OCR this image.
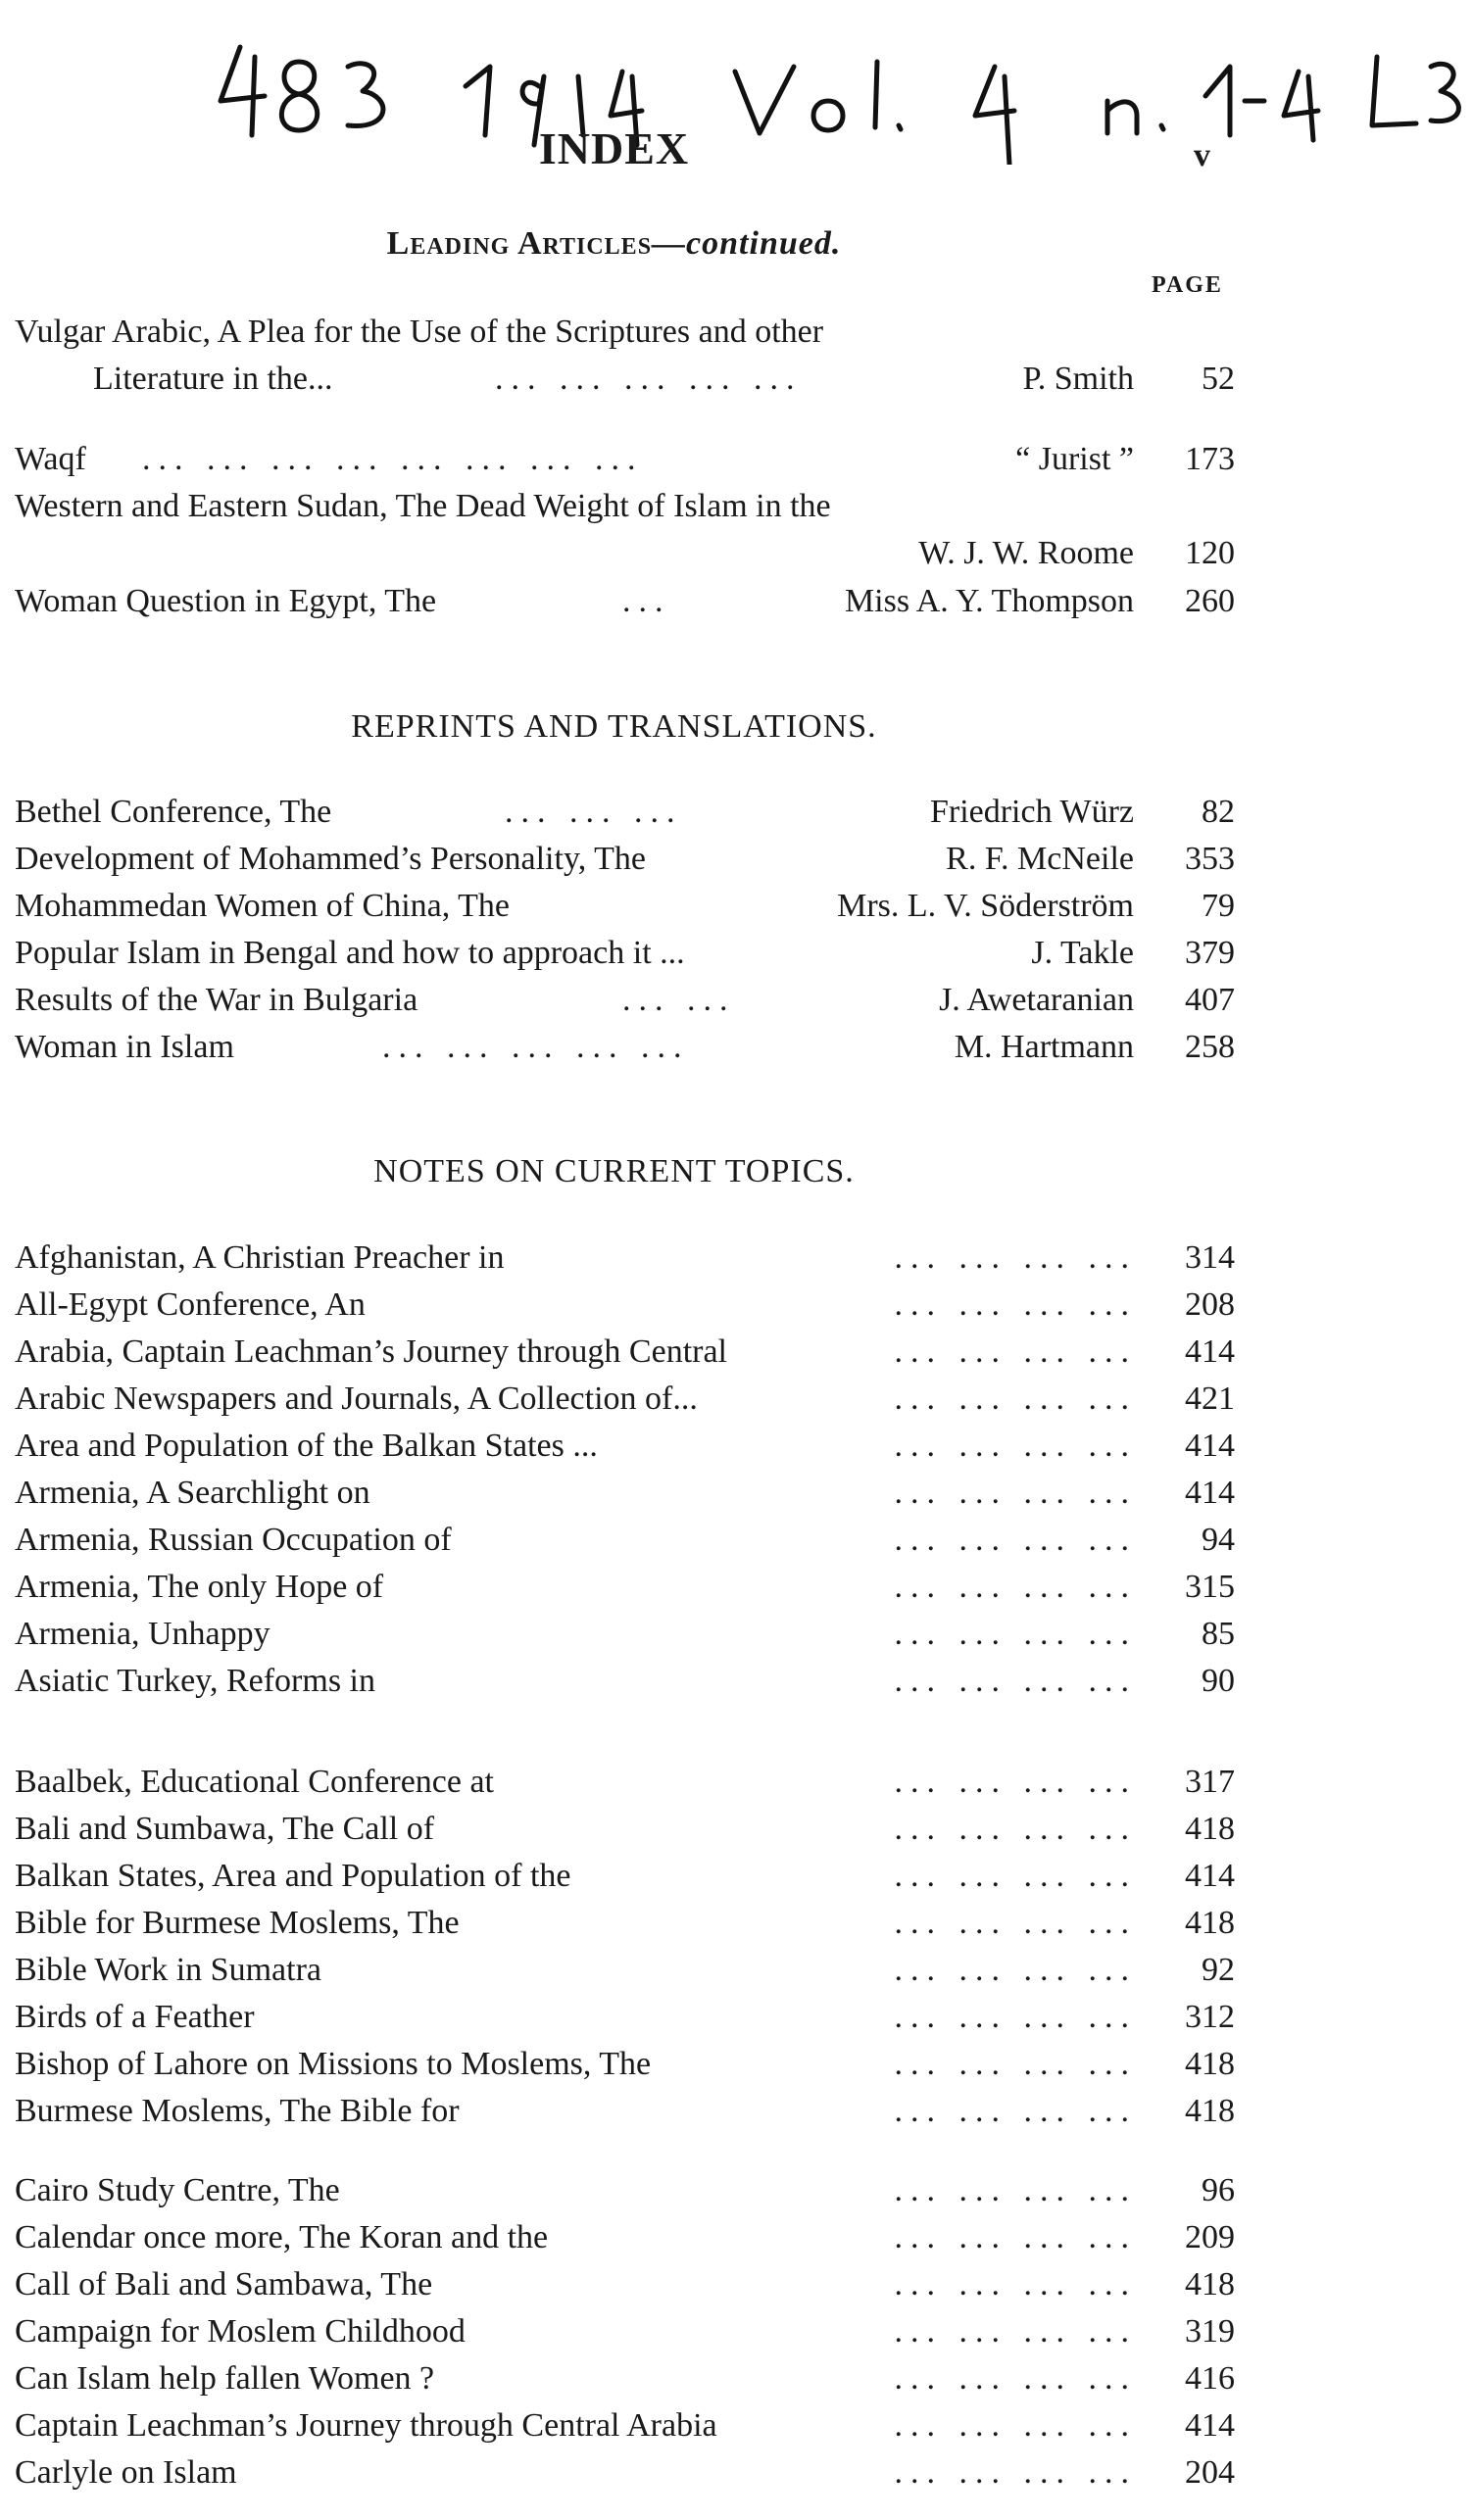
INDEX	v
Leading Articles—continued.
PAGE
Vulgar Arabic, A Plea for the Use of the Scriptures and other
Literature in the...	... ... ... ... ...	P. Smith	52
Waqf ... ... ... ... ... ... ... ...	“ Jurist ”	173
Western and Eastern Sudan, The Dead Weight of Islam in the
W. J. W. Roome	120
Woman Question in Egypt, The	...	Miss A. Y. Thompson	260
REPRINTS AND TRANSLATIONS.
Bethel Conference, The	... ... ...	Friedrich Würz	82
Development of Mohammed’s Personality, The	R. F. McNeile	353
Mohammedan Women of China, The	Mrs. L. V. Söderström	79
Popular Islam in Bengal and how to approach it ...	J. Takle	379
Results of the War in Bulgaria	... ...	J. Awetaranian	407
Woman in Islam	... ... ... ... ...	M. Hartmann	258
NOTES ON CURRENT TOPICS.
Afghanistan, A Christian Preacher in	... ... ... ...	314
All-Egypt Conference, An	... ... ... ...	208
Arabia, Captain Leachman’s Journey through Central	... ... ... ...	414
Arabic Newspapers and Journals, A Collection of...	... ... ... ...	421
Area and Population of the Balkan States ...	... ... ... ...	414
Armenia, A Searchlight on	... ... ... ...	414
Armenia, Russian Occupation of	... ... ... ...	94
Armenia, The only Hope of	... ... ... ...	315
Armenia, Unhappy	... ... ... ...	85
Asiatic Turkey, Reforms in	... ... ... ...	90
Baalbek, Educational Conference at	... ... ... ...	317
Bali and Sumbawa, The Call of	... ... ... ...	418
Balkan States, Area and Population of the	... ... ... ...	414
Bible for Burmese Moslems, The	... ... ... ...	418
Bible Work in Sumatra	... ... ... ...	92
Birds of a Feather	... ... ... ...	312
Bishop of Lahore on Missions to Moslems, The	... ... ... ...	418
Burmese Moslems, The Bible for	... ... ... ...	418
Cairo Study Centre, The	... ... ... ...	96
Calendar once more, The Koran and the	... ... ... ...	209
Call of Bali and Sambawa, The	... ... ... ...	418
Campaign for Moslem Childhood	... ... ... ...	319
Can Islam help fallen Women ?	... ... ... ...	416
Captain Leachman’s Journey through Central Arabia	... ... ... ...	414
Carlyle on Islam	... ... ... ...	204
